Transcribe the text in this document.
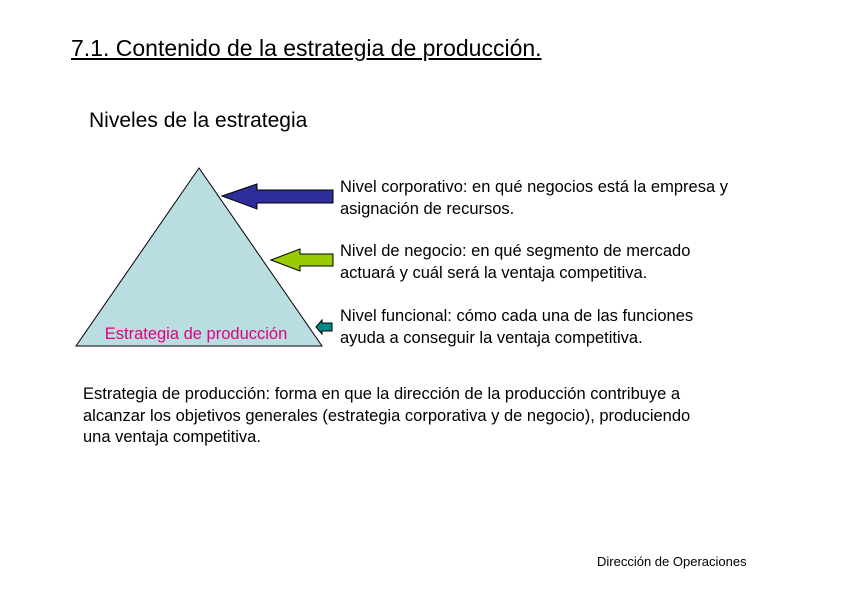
7.1. Contenido de la estrategia de producción.
Niveles de la estrategia
Estrategia de producción
Nivel corporativo: en qué negocios está la empresa y
asignación de recursos.
Nivel de negocio: en qué segmento de mercado
actuará y cuál será la ventaja competitiva.
Nivel funcional: cómo cada una de las funciones
ayuda a conseguir la ventaja competitiva.
Estrategia de producción: forma en que la dirección de la producción contribuye a
alcanzar los objetivos generales (estrategia corporativa y de negocio), produciendo
una ventaja competitiva.
Dirección de Operaciones
